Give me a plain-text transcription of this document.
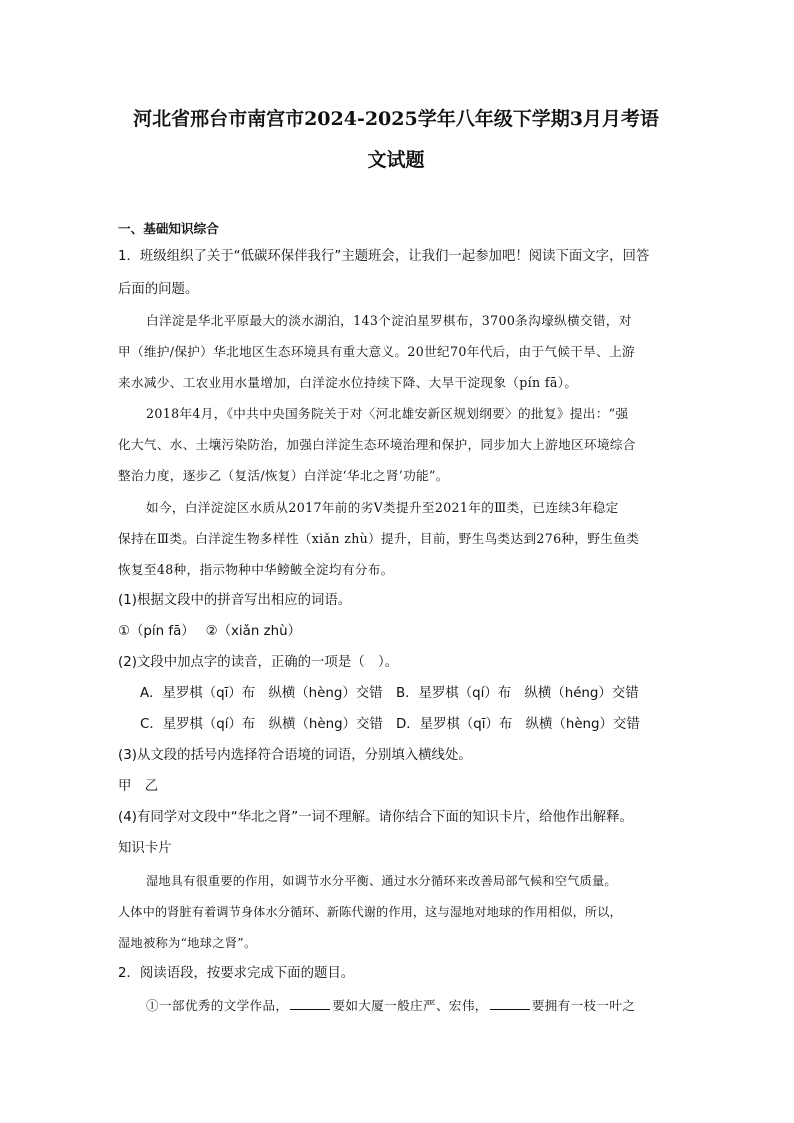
河北省邢台市南宫市2024-2025学年八年级下学期3月月考语
文试题
一、基础知识综合
1．班级组织了关于“低碳环保伴我行”主题班会，让我们一起参加吧！阅读下面文字，回答
后面的问题。
白洋淀是华北平原最大的淡水湖泊，143个淀泊星罗棋布，3700条沟壕纵横交错，对
甲（维护/保护）华北地区生态环境具有重大意义。20世纪70年代后，由于气候干旱、上游
来水减少、工农业用水量增加，白洋淀水位持续下降、大旱干淀现象（pín fā）。
2018年4月，《中共中央国务院关于对〈河北雄安新区规划纲要〉的批复》提出：“强
化大气、水、土壤污染防治，加强白洋淀生态环境治理和保护，同步加大上游地区环境综合
整治力度，逐步乙（复活/恢复）白洋淀‘华北之肾’功能”。
如今，白洋淀淀区水质从2017年前的劣Ⅴ类提升至2021年的Ⅲ类，已连续3年稳定
保持在Ⅲ类。白洋淀生物多样性（xiǎn zhù）提升，目前，野生鸟类达到276种，野生鱼类
恢复至48种，指示物种中华鳑鲏全淀均有分布。
(1)根据文段中的拼音写出相应的词语。
①（pín fā）　 ②（xiǎn zhù）
(2)文段中加点字的读音，正确的一项是（　）。
A．星罗棋（qī）布　纵横（hèng）交错	B．星罗棋（qí）布　纵横（héng）交错
C．星罗棋（qí）布　纵横（hèng）交错 D．星罗棋（qī）布　纵横（hèng）交错
(3)从文段的括号内选择符合语境的词语，分别填入横线处。
甲　乙
(4)有同学对文段中“华北之肾”一词不理解。请你结合下面的知识卡片，给他作出解释。
知识卡片
湿地具有很重要的作用，如调节水分平衡、通过水分循环来改善局部气候和空气质量。
人体中的肾脏有着调节身体水分循环、新陈代谢的作用，这与湿地对地球的作用相似，所以，
湿地被称为“地球之肾”。
2．阅读语段，按要求完成下面的题目。
①一部优秀的文学作品，	要如大厦一般庄严、宏伟，	要拥有一枝一叶之
